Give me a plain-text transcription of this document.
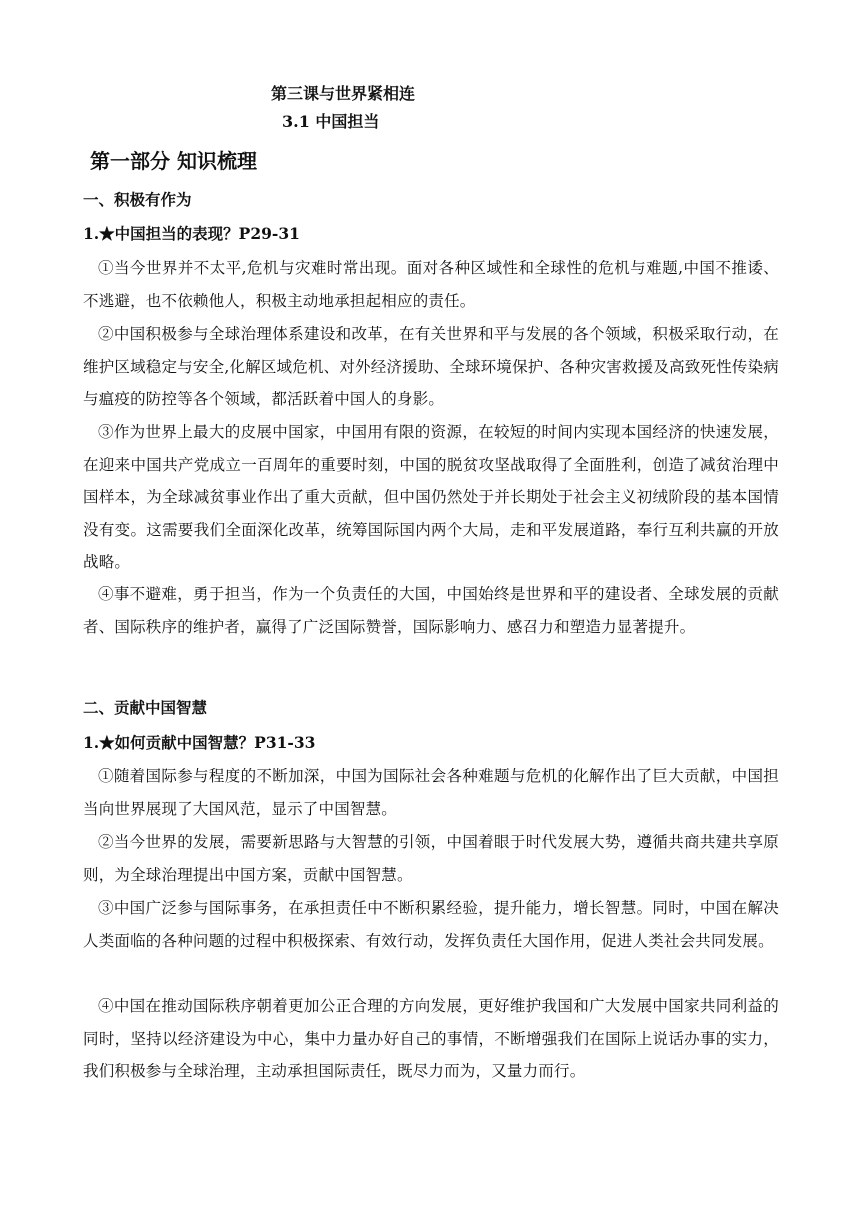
第三课与世界紧相连
3.1 中国担当
第一部分 知识梳理
一、积极有作为
1.★中国担当的表现？P29-31
①当今世界并不太平,危机与灾难时常出现。面对各种区域性和全球性的危机与难题,中国不推诿、不逃避，也不依赖他人，积极主动地承担起相应的责任。
②中国积极参与全球治理体系建设和改革，在有关世界和平与发展的各个领域，积极采取行动，在维护区域稳定与安全,化解区域危机、对外经济援助、全球环境保护、各种灾害救援及高致死性传染病与瘟疫的防控等各个领域，都活跃着中国人的身影。
③作为世界上最大的皮展中国家，中国用有限的资源，在较短的时间内实现本国经济的快速发展，在迎来中国共产党成立一百周年的重要时刻，中国的脱贫攻坚战取得了全面胜利，创造了减贫治理中国样本，为全球减贫事业作出了重大贡献，但中国仍然处于并长期处于社会主义初绒阶段的基本国情没有变。这需要我们全面深化改革，统筹国际国内两个大局，走和平发展道路，奉行互利共赢的开放战略。
④事不避难，勇于担当，作为一个负责任的大国，中国始终是世界和平的建设者、全球发展的贡献者、国际秩序的维护者，赢得了广泛国际赞誉，国际影响力、感召力和塑造力显著提升。
二、贡献中国智慧
1.★如何贡献中国智慧？P31-33
①随着国际参与程度的不断加深，中国为国际社会各种难题与危机的化解作出了巨大贡献，中国担当向世界展现了大国风范，显示了中国智慧。
②当今世界的发展，需要新思路与大智慧的引领，中国着眼于时代发展大势，遵循共商共建共享原则，为全球治理提出中国方案，贡献中国智慧。
③中国广泛参与国际事务，在承担责任中不断积累经验，提升能力，增长智慧。同时，中国在解决人类面临的各种问题的过程中积极探索、有效行动，发挥负责任大国作用，促进人类社会共同发展。
④中国在推动国际秩序朝着更加公正合理的方向发展，更好维护我国和广大发展中国家共同利益的同时，坚持以经济建设为中心，集中力量办好自己的事情，不断增强我们在国际上说话办事的实力，我们积极参与全球治理，主动承担国际责任，既尽力而为，又量力而行。
